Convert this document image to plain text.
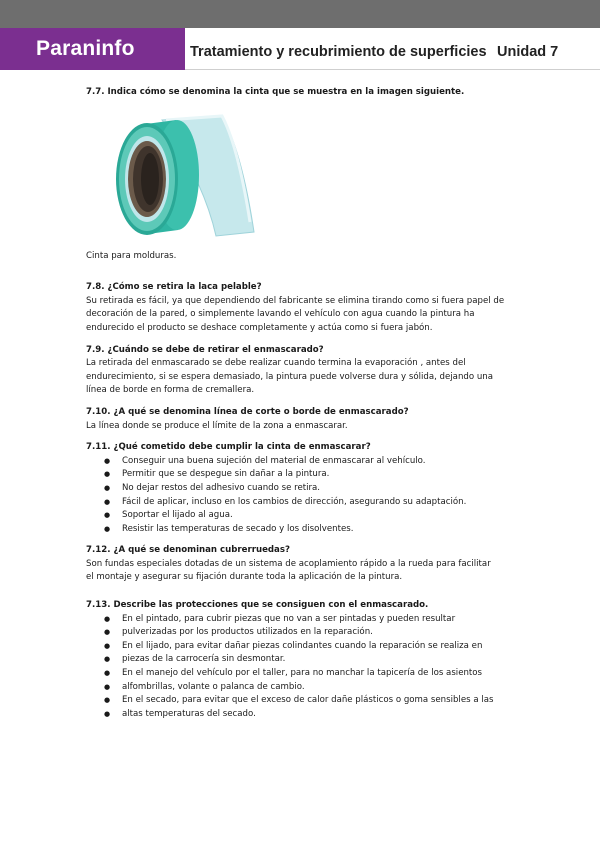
Paraninfo	Tratamiento y recubrimiento de superficies Unidad 7
7.7. Indica cómo se denomina la cinta que se muestra en la imagen siguiente.
Cinta para molduras.
7.8. ¿Cómo se retira la laca pelable?
Su retirada es fácil, ya que dependiendo del fabricante se elimina tirando como si fuera papel de
decoración de la pared, o simplemente lavando el vehículo con agua cuando la pintura ha
endurecido el producto se deshace completamente y actúa como si fuera jabón.
7.9. ¿Cuándo se debe de retirar el enmascarado?
La retirada del enmascarado se debe realizar cuando termina la evaporación , antes del
endurecimiento, si se espera demasiado, la pintura puede volverse dura y sólida, dejando una
línea de borde en forma de cremallera.
7.10. ¿A qué se denomina línea de corte o borde de enmascarado?
La línea donde se produce el límite de la zona a enmascarar.
7.11. ¿Qué cometido debe cumplir la cinta de enmascarar?
● Conseguir una buena sujeción del material de enmascarar al vehículo.
● Permitir que se despegue sin dañar a la pintura.
● No dejar restos del adhesivo cuando se retira.
● Fácil de aplicar, incluso en los cambios de dirección, asegurando su adaptación.
● Soportar el lijado al agua.
● Resistir las temperaturas de secado y los disolventes.
7.12. ¿A qué se denominan cubrerruedas?
Son fundas especiales dotadas de un sistema de acoplamiento rápido a la rueda para facilitar
el montaje y asegurar su fijación durante toda la aplicación de la pintura.
7.13. Describe las protecciones que se consiguen con el enmascarado.
● En el pintado, para cubrir piezas que no van a ser pintadas y pueden resultar
● pulverizadas por los productos utilizados en la reparación.
● En el lijado, para evitar dañar piezas colindantes cuando la reparación se realiza en
● piezas de la carrocería sin desmontar.
● En el manejo del vehículo por el taller, para no manchar la tapicería de los asientos
● alfombrillas, volante o palanca de cambio.
● En el secado, para evitar que el exceso de calor dañe plásticos o goma sensibles a las
● altas temperaturas del secado.
